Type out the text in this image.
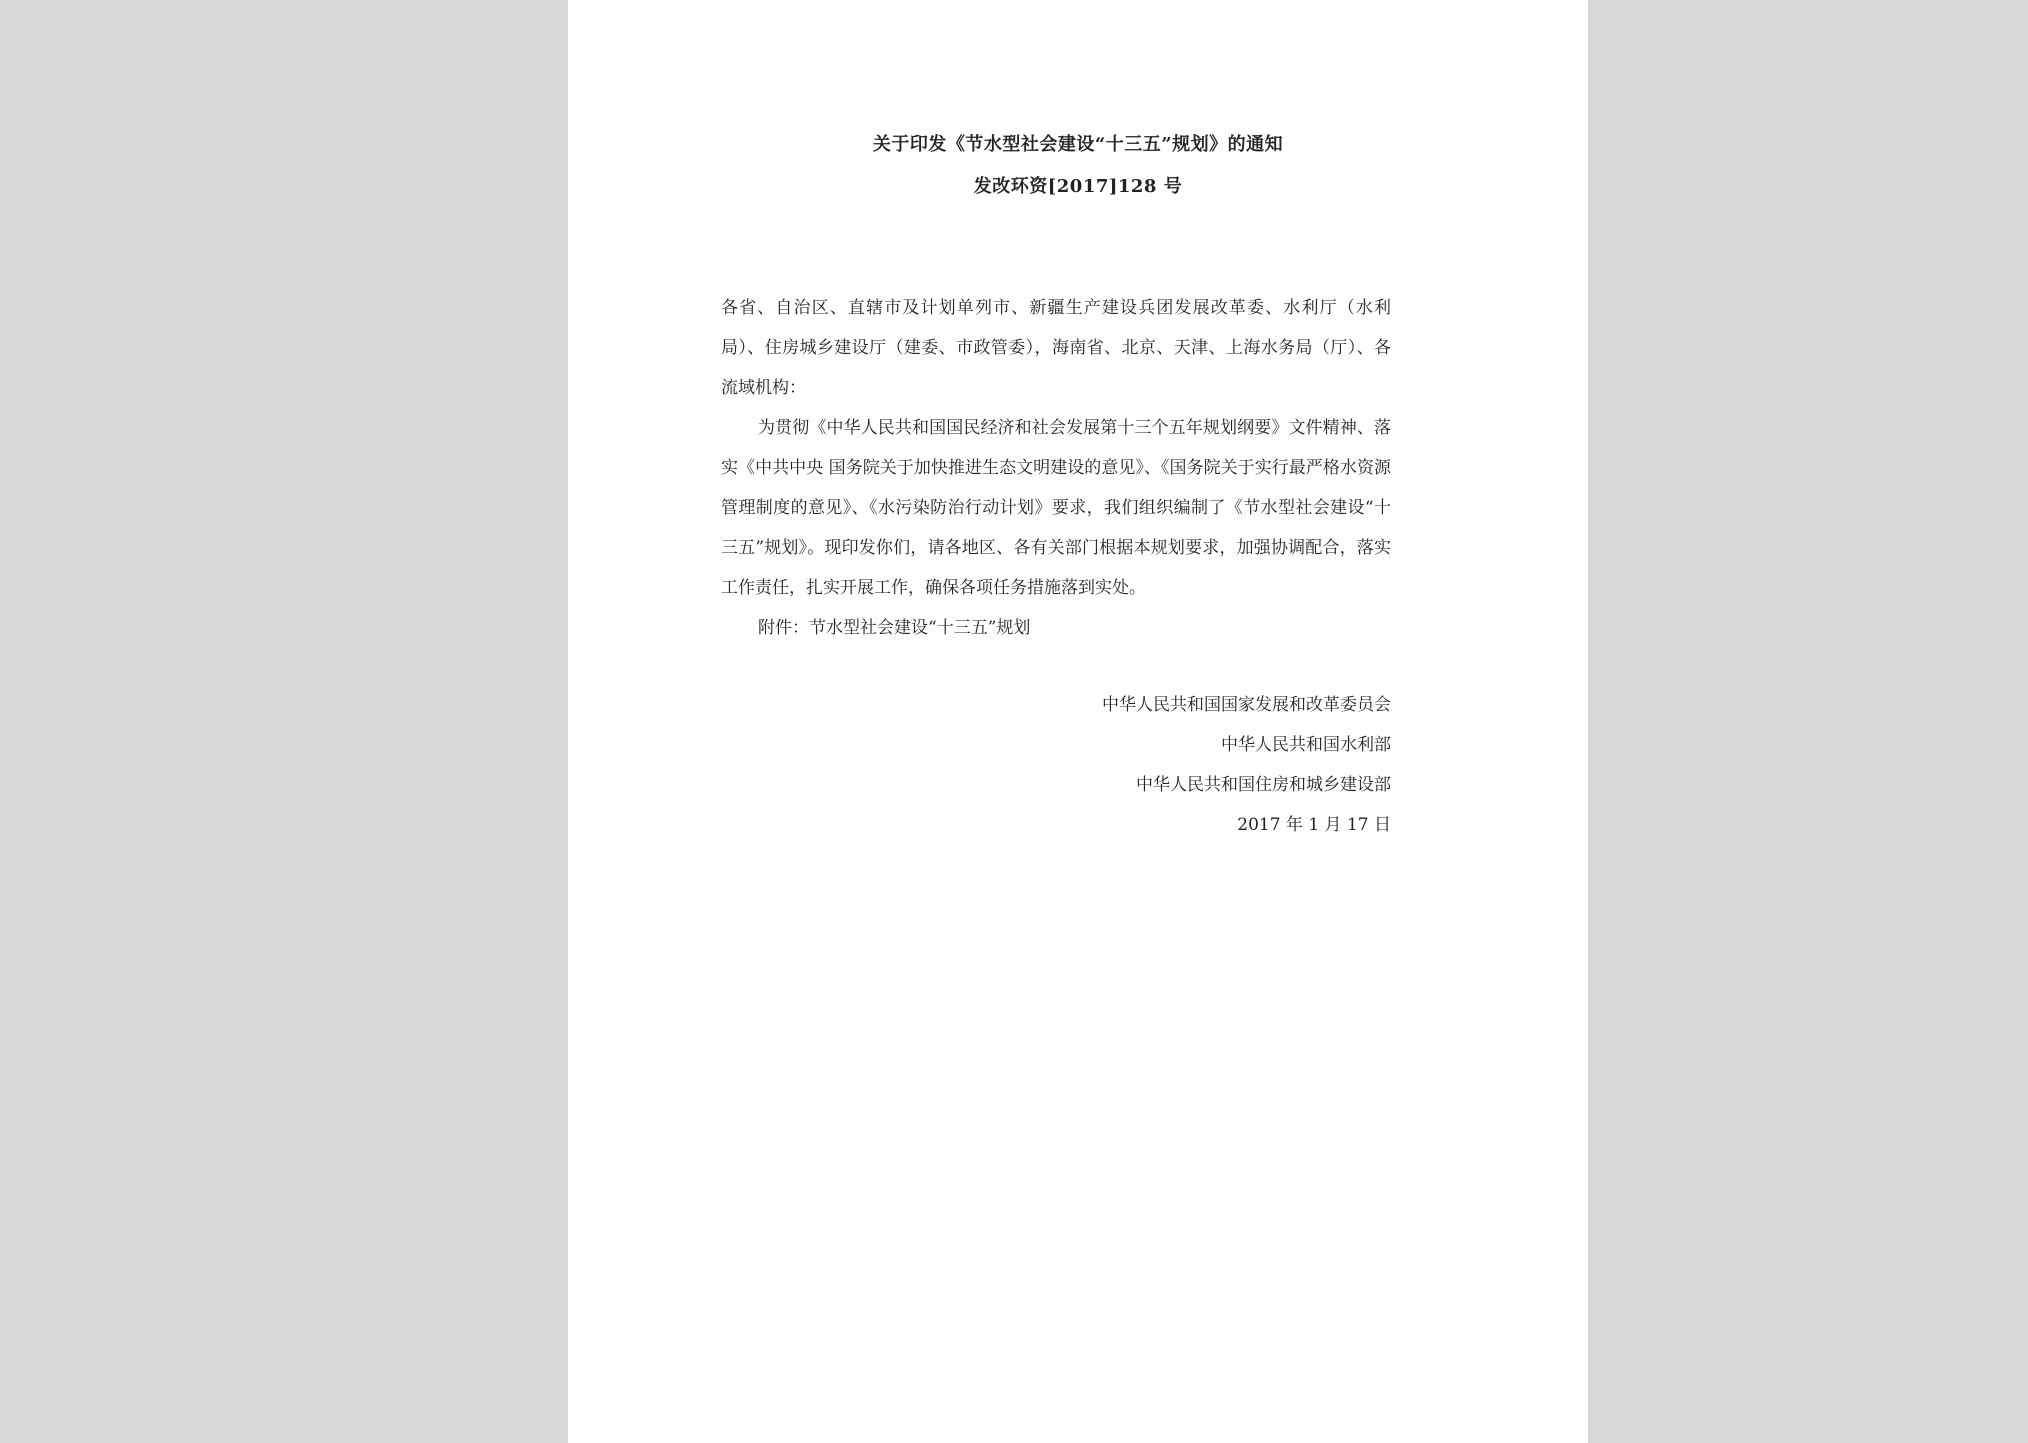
关于印发《节水型社会建设“十三五”规划》的通知
发改环资[2017]128 号

各省、自治区、直辖市及计划单列市、新疆生产建设兵团发展改革委、水利厅（水利局）、住房城乡建设厅（建委、市政管委），海南省、北京、天津、上海水务局（厅）、各流域机构：

为贯彻《中华人民共和国国民经济和社会发展第十三个五年规划纲要》文件精神、落实《中共中央 国务院关于加快推进生态文明建设的意见》、《国务院关于实行最严格水资源管理制度的意见》、《水污染防治行动计划》要求，我们组织编制了《节水型社会建设“十三五”规划》。现印发你们，请各地区、各有关部门根据本规划要求，加强协调配合，落实工作责任，扎实开展工作，确保各项任务措施落到实处。

附件：节水型社会建设“十三五”规划

中华人民共和国国家发展和改革委员会
中华人民共和国水利部
中华人民共和国住房和城乡建设部
2017 年 1 月 17 日
